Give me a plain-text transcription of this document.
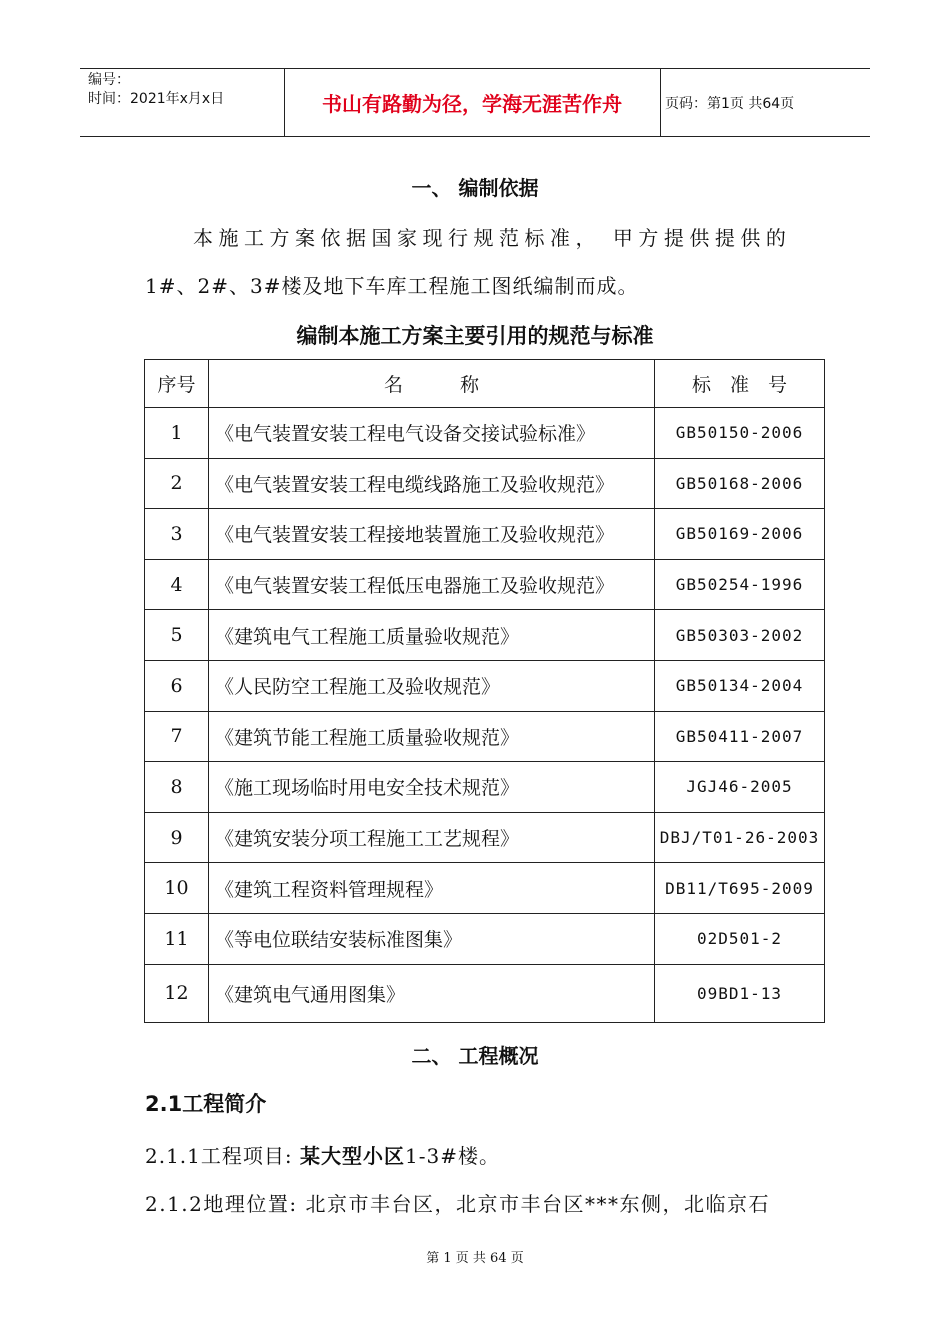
编号：
时间：2021年x月x日	书山有路勤为径，学海无涯苦作舟	页码：第1页 共64页
一、 编制依据
本施工方案依据国家现行规范标准， 甲方提供提供的
1#、2#、3#楼及地下车库工程施工图纸编制而成。
编制本施工方案主要引用的规范与标准
序号	名　　　称	标　准　号
1	《电气装置安装工程电气设备交接试验标准》	GB50150-2006
2	《电气装置安装工程电缆线路施工及验收规范》	GB50168-2006
3	《电气装置安装工程接地装置施工及验收规范》	GB50169-2006
4	《电气装置安装工程低压电器施工及验收规范》	GB50254-1996
5	《建筑电气工程施工质量验收规范》	GB50303-2002
6	《人民防空工程施工及验收规范》	GB50134-2004
7	《建筑节能工程施工质量验收规范》	GB50411-2007
8	《施工现场临时用电安全技术规范》	JGJ46-2005
9	《建筑安装分项工程施工工艺规程》	DBJ/T01-26-2003
10	《建筑工程资料管理规程》	DB11/T695-2009
11	《等电位联结安装标准图集》	02D501-2
12	《建筑电气通用图集》	09BD1-13
二、 工程概况
2.1工程简介
2.1.1工程项目: 某大型小区1-3#楼。
2.1.2地理位置: 北京市丰台区，北京市丰台区***东侧，北临京石
第 1 页 共 64 页
